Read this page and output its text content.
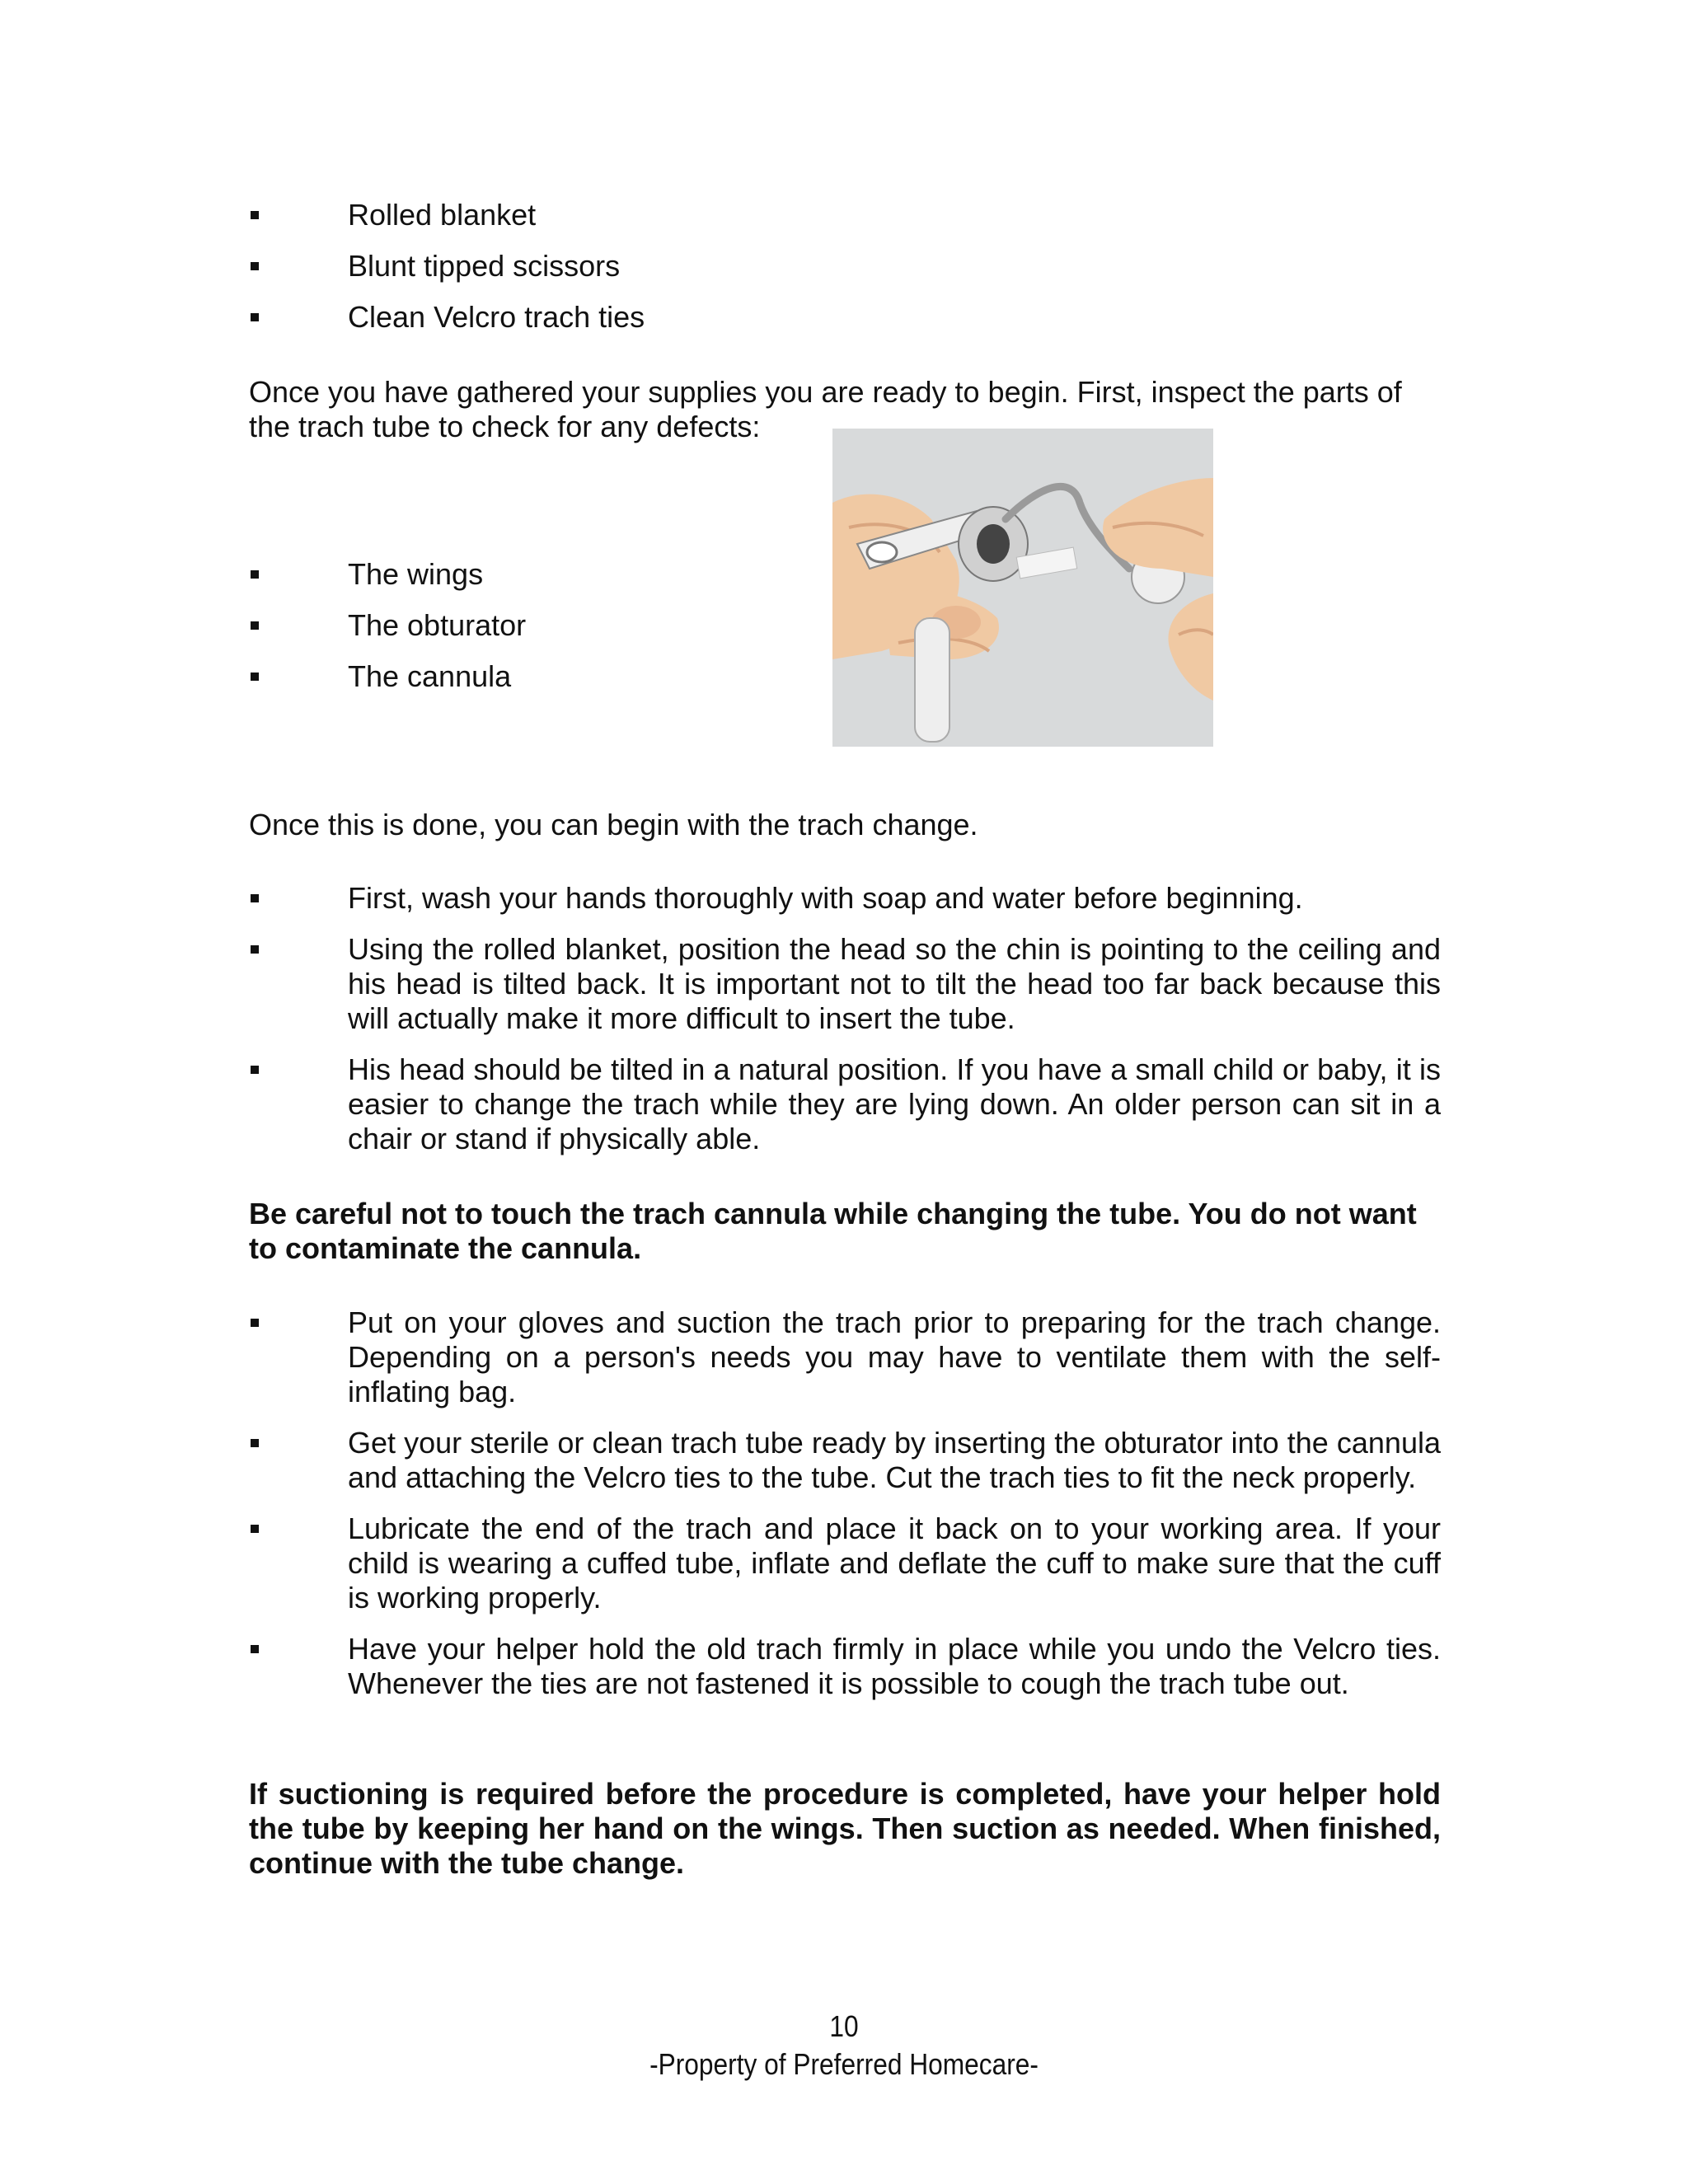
Rolled blanket
Blunt tipped scissors
Clean Velcro trach ties
Once you have gathered your supplies you are ready to begin. First, inspect the parts of the trach tube to check for any defects:
The wings
The obturator
The cannula
Once this is done, you can begin with the trach change.
First, wash your hands thoroughly with soap and water before beginning.
Using the rolled blanket, position the head so the chin is pointing to the ceiling and his head is tilted back. It is important not to tilt the head too far back because this will actually make it more difficult to insert the tube.
His head should be tilted in a natural position. If you have a small child or baby, it is easier to change the trach while they are lying down. An older person can sit in a chair or stand if physically able.
Be careful not to touch the trach cannula while changing the tube. You do not want to contaminate the cannula.
Put on your gloves and suction the trach prior to preparing for the trach change. Depending on a person's needs you may have to ventilate them with the self-inflating bag.
Get your sterile or clean trach tube ready by inserting the obturator into the cannula and attaching the Velcro ties to the tube. Cut the trach ties to fit the neck properly.
Lubricate the end of the trach and place it back on to your working area. If your child is wearing a cuffed tube, inflate and deflate the cuff to make sure that the cuff is working properly.
Have your helper hold the old trach firmly in place while you undo the Velcro ties. Whenever the ties are not fastened it is possible to cough the trach tube out.
If suctioning is required before the procedure is completed, have your helper hold the tube by keeping her hand on the wings. Then suction as needed. When finished, continue with the tube change.
10
-Property of Preferred Homecare-
